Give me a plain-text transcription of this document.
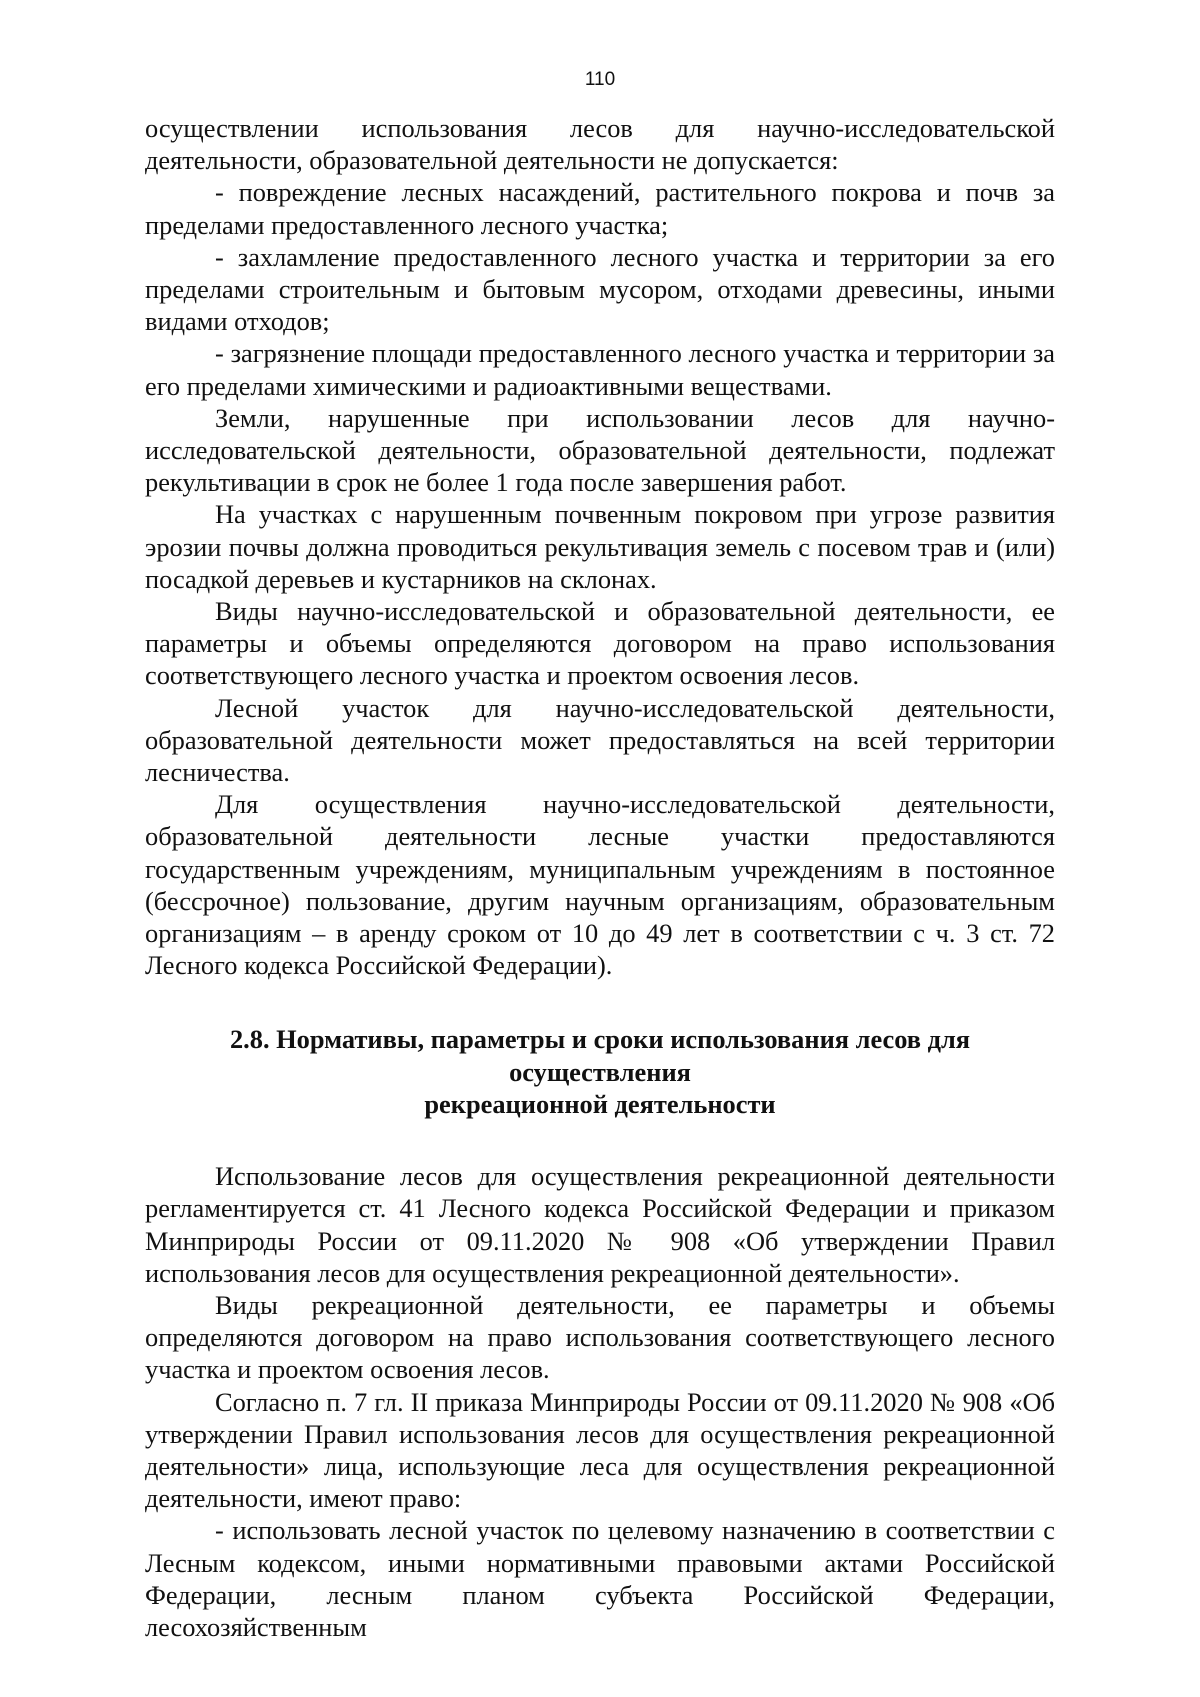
110

осуществлении использования лесов для научно-исследовательской деятельности, образовательной деятельности не допускается:

- повреждение лесных насаждений, растительного покрова и почв за пределами предоставленного лесного участка;

- захламление предоставленного лесного участка и территории за его пределами строительным и бытовым мусором, отходами древесины, иными видами отходов;

- загрязнение площади предоставленного лесного участка и территории за его пределами химическими и радиоактивными веществами.

Земли, нарушенные при использовании лесов для научно-исследовательской деятельности, образовательной деятельности, подлежат рекультивации в срок не более 1 года после завершения работ.

На участках с нарушенным почвенным покровом при угрозе развития эрозии почвы должна проводиться рекультивация земель с посевом трав и (или) посадкой деревьев и кустарников на склонах.

Виды научно-исследовательской и образовательной деятельности, ее параметры и объемы определяются договором на право использования соответствующего лесного участка и проектом освоения лесов.

Лесной участок для научно-исследовательской деятельности, образовательной деятельности может предоставляться на всей территории лесничества.

Для осуществления научно-исследовательской деятельности, образовательной деятельности лесные участки предоставляются государственным учреждениям, муниципальным учреждениям в постоянное (бессрочное) пользование, другим научным организациям, образовательным организациям – в аренду сроком от 10 до 49 лет в соответствии с ч. 3 ст. 72 Лесного кодекса Российской Федерации).

2.8. Нормативы, параметры и сроки использования лесов для осуществления
рекреационной деятельности

Использование лесов для осуществления рекреационной деятельности регламентируется ст. 41 Лесного кодекса Российской Федерации и приказом Минприроды России от 09.11.2020 № 908 «Об утверждении Правил использования лесов для осуществления рекреационной деятельности».

Виды рекреационной деятельности, ее параметры и объемы определяются договором на право использования соответствующего лесного участка и проектом освоения лесов.

Согласно п. 7 гл. II приказа Минприроды России от 09.11.2020 № 908 «Об утверждении Правил использования лесов для осуществления рекреационной деятельности» лица, использующие леса для осуществления рекреационной деятельности, имеют право:

- использовать лесной участок по целевому назначению в соответствии с Лесным кодексом, иными нормативными правовыми актами Российской Федерации, лесным планом субъекта Российской Федерации, лесохозяйственным
